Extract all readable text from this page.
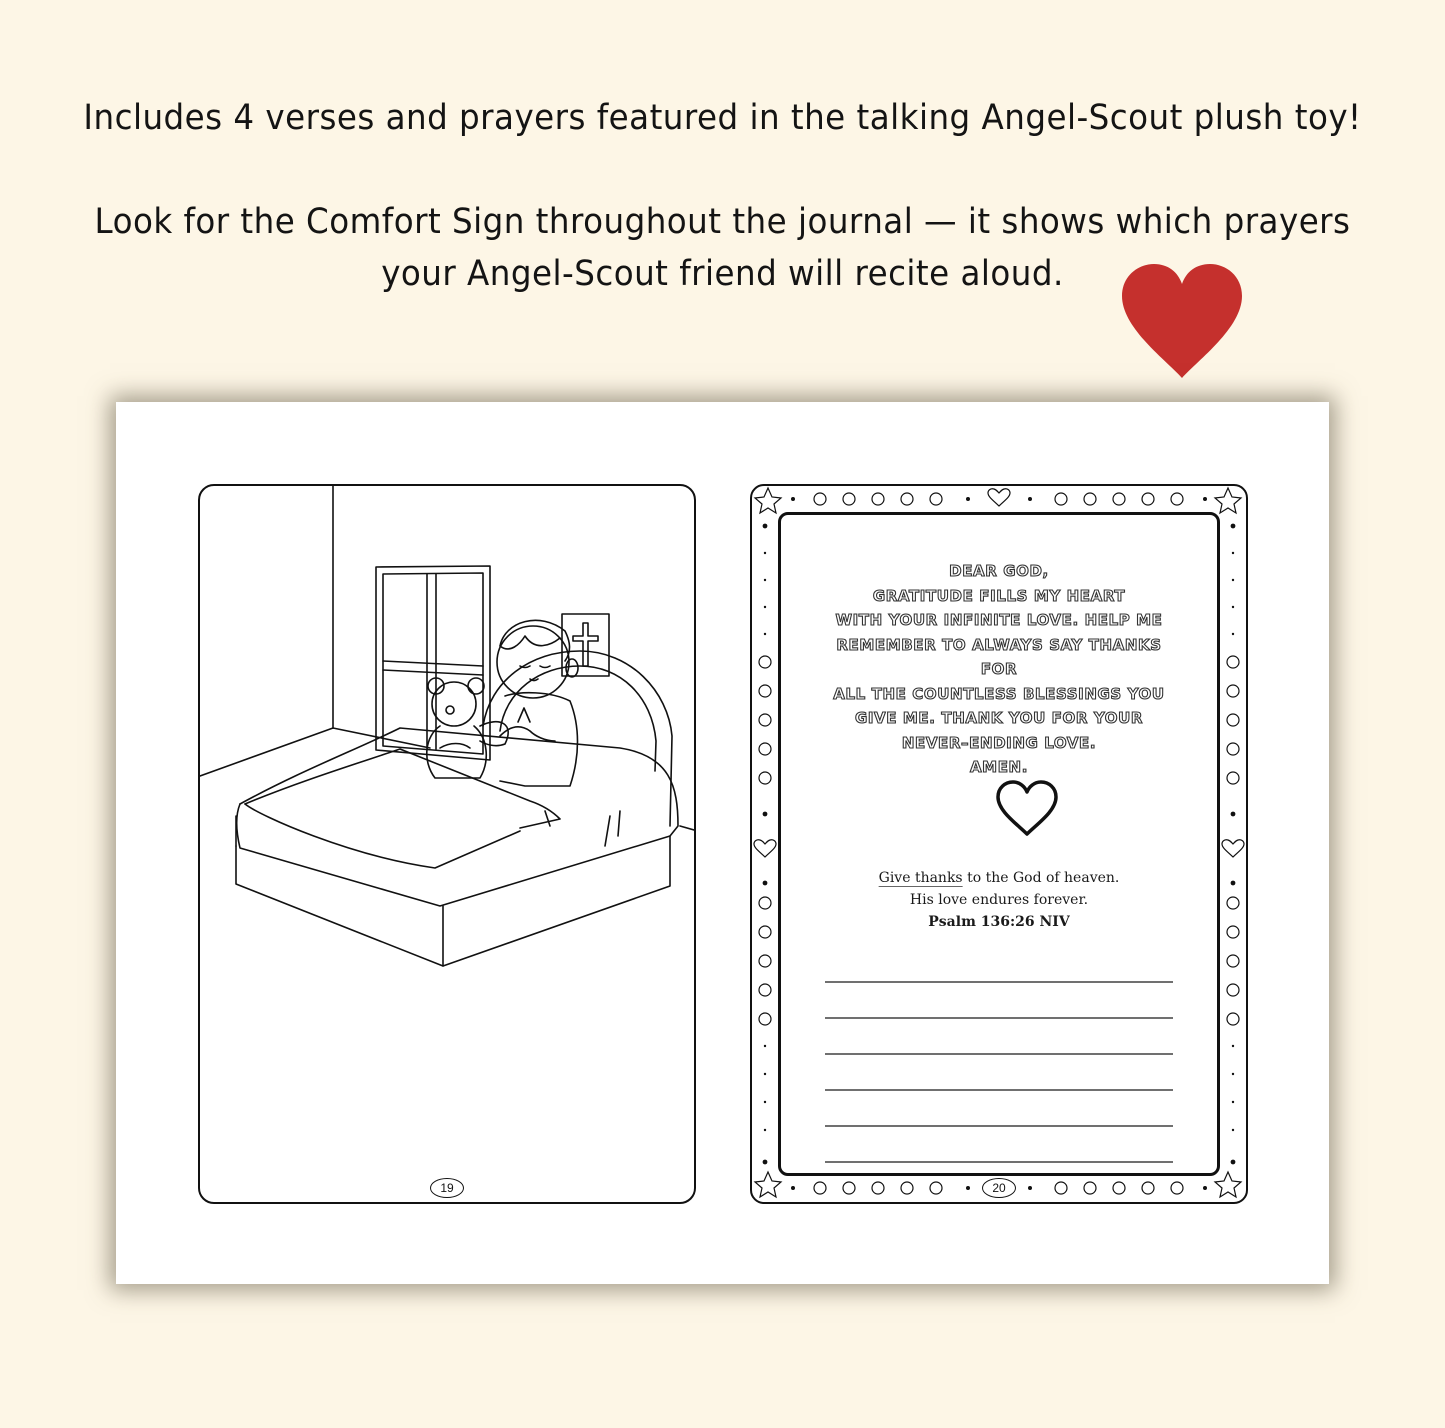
Includes 4 verses and prayers featured in the talking Angel-Scout plush toy!
Look for the Comfort Sign throughout the journal — it shows which prayers
your Angel-Scout friend will recite aloud.
19
DEAR GOD,
GRATITUDE FILLS MY HEART
WITH YOUR INFINITE LOVE. HELP ME
REMEMBER TO ALWAYS SAY THANKS FOR
ALL THE COUNTLESS BLESSINGS YOU
GIVE ME. THANK YOU FOR YOUR
NEVER–ENDING LOVE.
AMEN.
Give thanks to the God of heaven.
His love endures forever.
Psalm 136:26 NIV
20
